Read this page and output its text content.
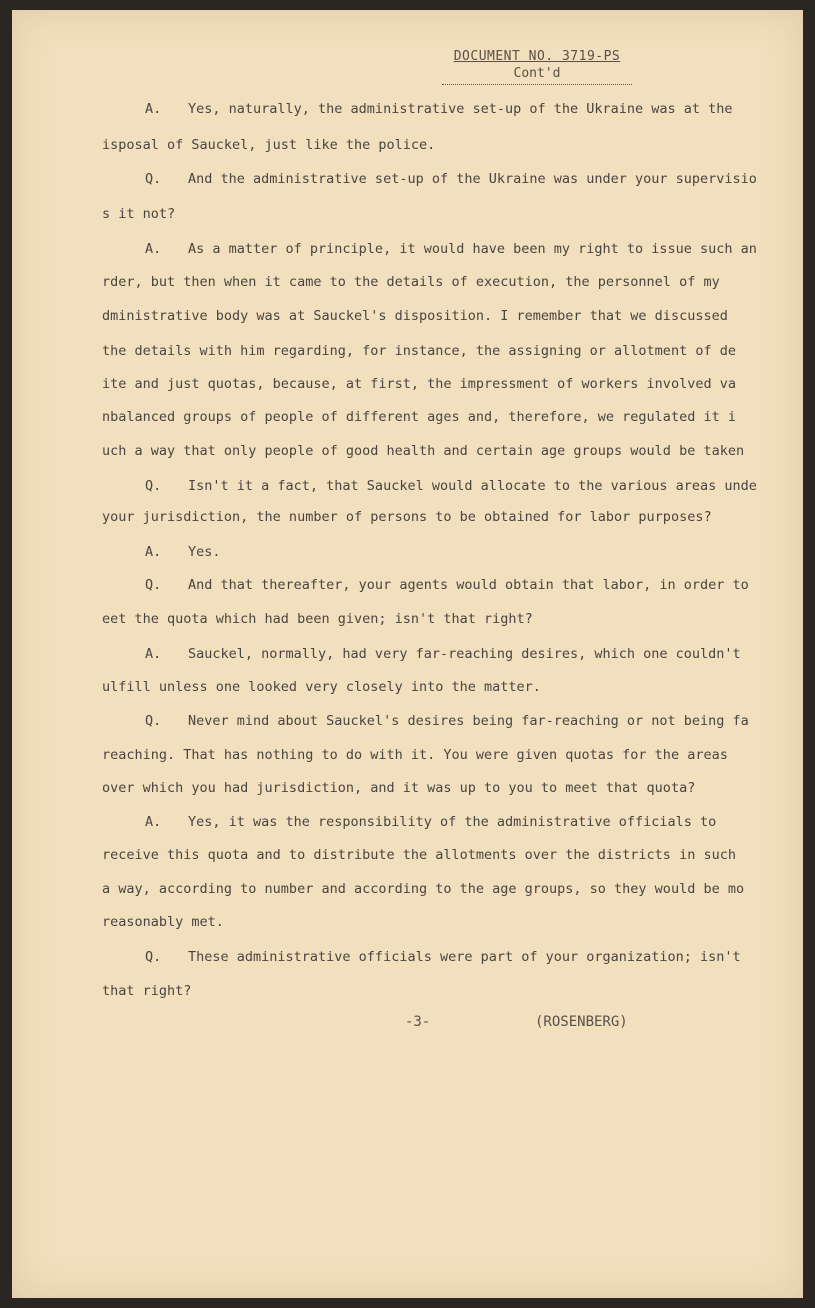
DOCUMENT NO. 3719-PS
Cont'd
A. Yes, naturally, the administrative set-up of the Ukraine was at the
isposal of Sauckel, just like the police.
Q. And the administrative set-up of the Ukraine was under your supervisio
s it not?
A. As a matter of principle, it would have been my right to issue such an
rder, but then when it came to the details of execution, the personnel of my
dministrative body was at Sauckel's disposition. I remember that we discussed
the details with him regarding, for instance, the assigning or allotment of de
ite and just quotas, because, at first, the impressment of workers involved va
nbalanced groups of people of different ages and, therefore, we regulated it i
uch a way that only people of good health and certain age groups would be taken
Q. Isn't it a fact, that Sauckel would allocate to the various areas unde
your jurisdiction, the number of persons to be obtained for labor purposes?
A. Yes.
Q. And that thereafter, your agents would obtain that labor, in order to
eet the quota which had been given; isn't that right?
A. Sauckel, normally, had very far-reaching desires, which one couldn't
ulfill unless one looked very closely into the matter.
Q. Never mind about Sauckel's desires being far-reaching or not being fa
reaching. That has nothing to do with it. You were given quotas for the areas
over which you had jurisdiction, and it was up to you to meet that quota?
A. Yes, it was the responsibility of the administrative officials to
receive this quota and to distribute the allotments over the districts in such
a way, according to number and according to the age groups, so they would be mo
reasonably met.
Q. These administrative officials were part of your organization; isn't
that right?
-3-	(ROSENBERG)
